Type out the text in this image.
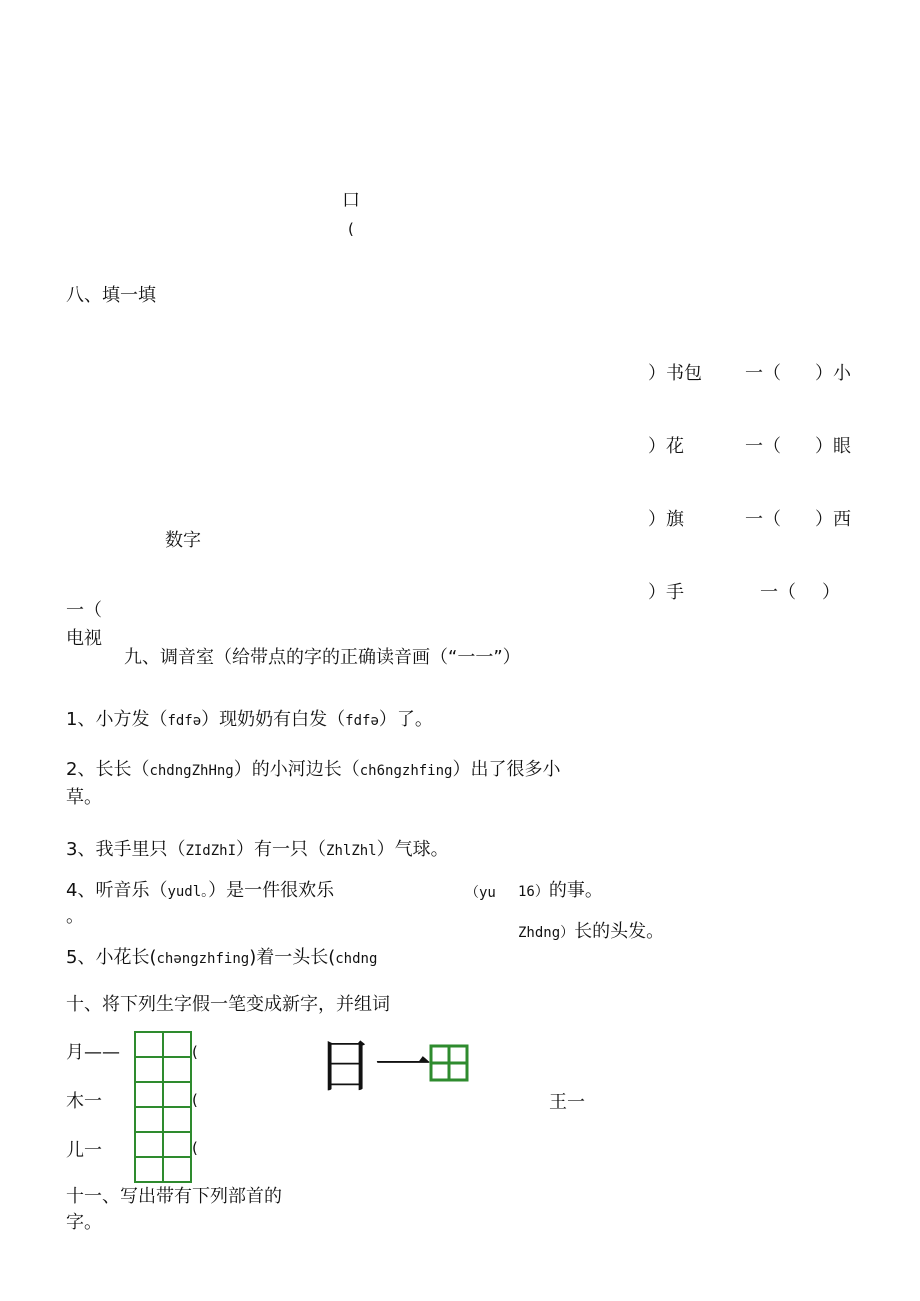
口
(
八、填一填
）书包 一（ ）小
）花	一（ ）眼
）旗	一（ ）西
）手	一（ ）
数字
一（
电视
九、调音室（给带点的字的正确读音画（“一一”）
1、小方发（fdfə）现奶奶有白发（fdfə）了。
2、长长（chdngZhHng）的小河边长（ch6ngzhfing）出了很多小
草。
3、我手里只（ZIdZhI）有一只（ZhlZhl）气球。
4、听音乐（yudl。）是一件很欢乐	（yu 16）的事。
。
Zhdng）长的头发。
5、小花长(chəngzhfing)着一头长(chdng
十、将下列生字假一笔变成新字，并组词
月——
木一
儿一
(
(
(
日一
王一
十一、写出带有下列部首的
字。
